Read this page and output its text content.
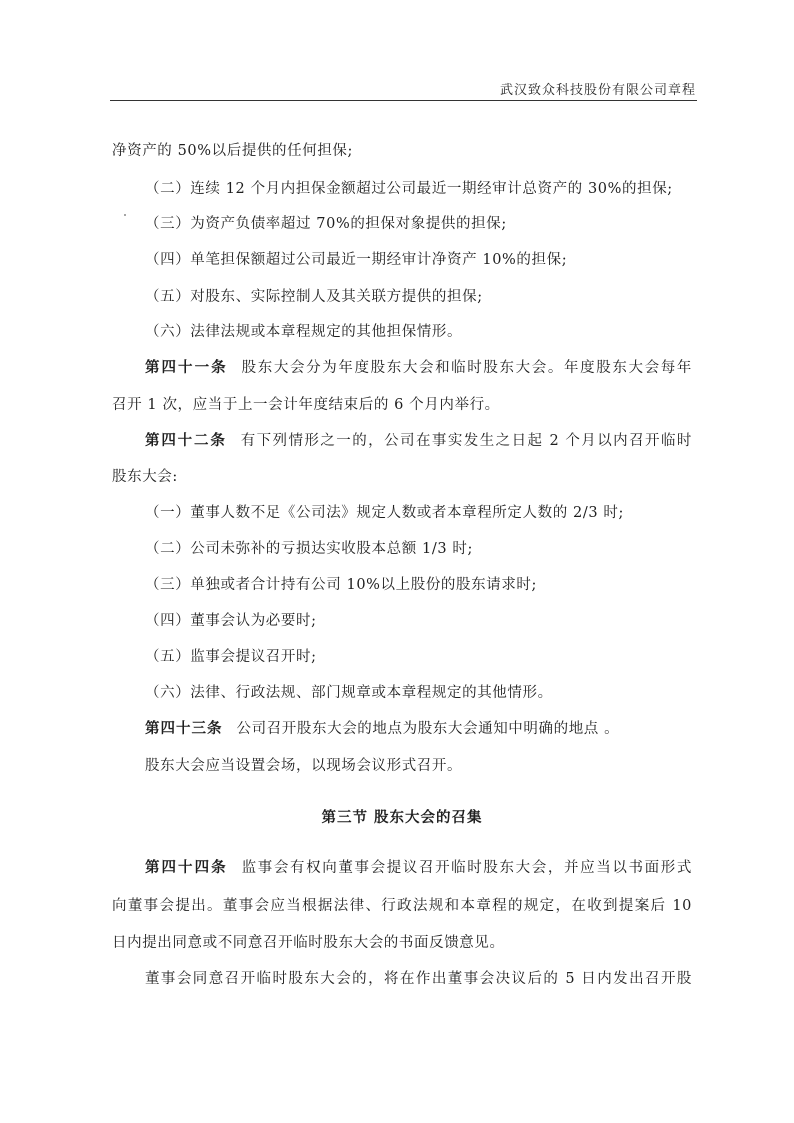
武汉致众科技股份有限公司章程

净资产的 50%以后提供的任何担保;

（二）连续 12 个月内担保金额超过公司最近一期经审计总资产的 30%的担保;

（三）为资产负债率超过 70%的担保对象提供的担保;

（四）单笔担保额超过公司最近一期经审计净资产 10%的担保;

（五）对股东、实际控制人及其关联方提供的担保;

（六）法律法规或本章程规定的其他担保情形。

第四十一条 股东大会分为年度股东大会和临时股东大会。年度股东大会每年

召开 1 次，应当于上一会计年度结束后的 6 个月内举行。

第四十二条 有下列情形之一的，公司在事实发生之日起 2 个月以内召开临时

股东大会:

（一）董事人数不足《公司法》规定人数或者本章程所定人数的 2/3 时;

（二）公司未弥补的亏损达实收股本总额 1/3 时;

（三）单独或者合计持有公司 10%以上股份的股东请求时;

（四）董事会认为必要时;

（五）监事会提议召开时;

（六）法律、行政法规、部门规章或本章程规定的其他情形。

第四十三条 公司召开股东大会的地点为股东大会通知中明确的地点 。

股东大会应当设置会场，以现场会议形式召开。

第三节 股东大会的召集

第四十四条 监事会有权向董事会提议召开临时股东大会，并应当以书面形式

向董事会提出。董事会应当根据法律、行政法规和本章程的规定，在收到提案后 10

日内提出同意或不同意召开临时股东大会的书面反馈意见。

董事会同意召开临时股东大会的，将在作出董事会决议后的 5 日内发出召开股
